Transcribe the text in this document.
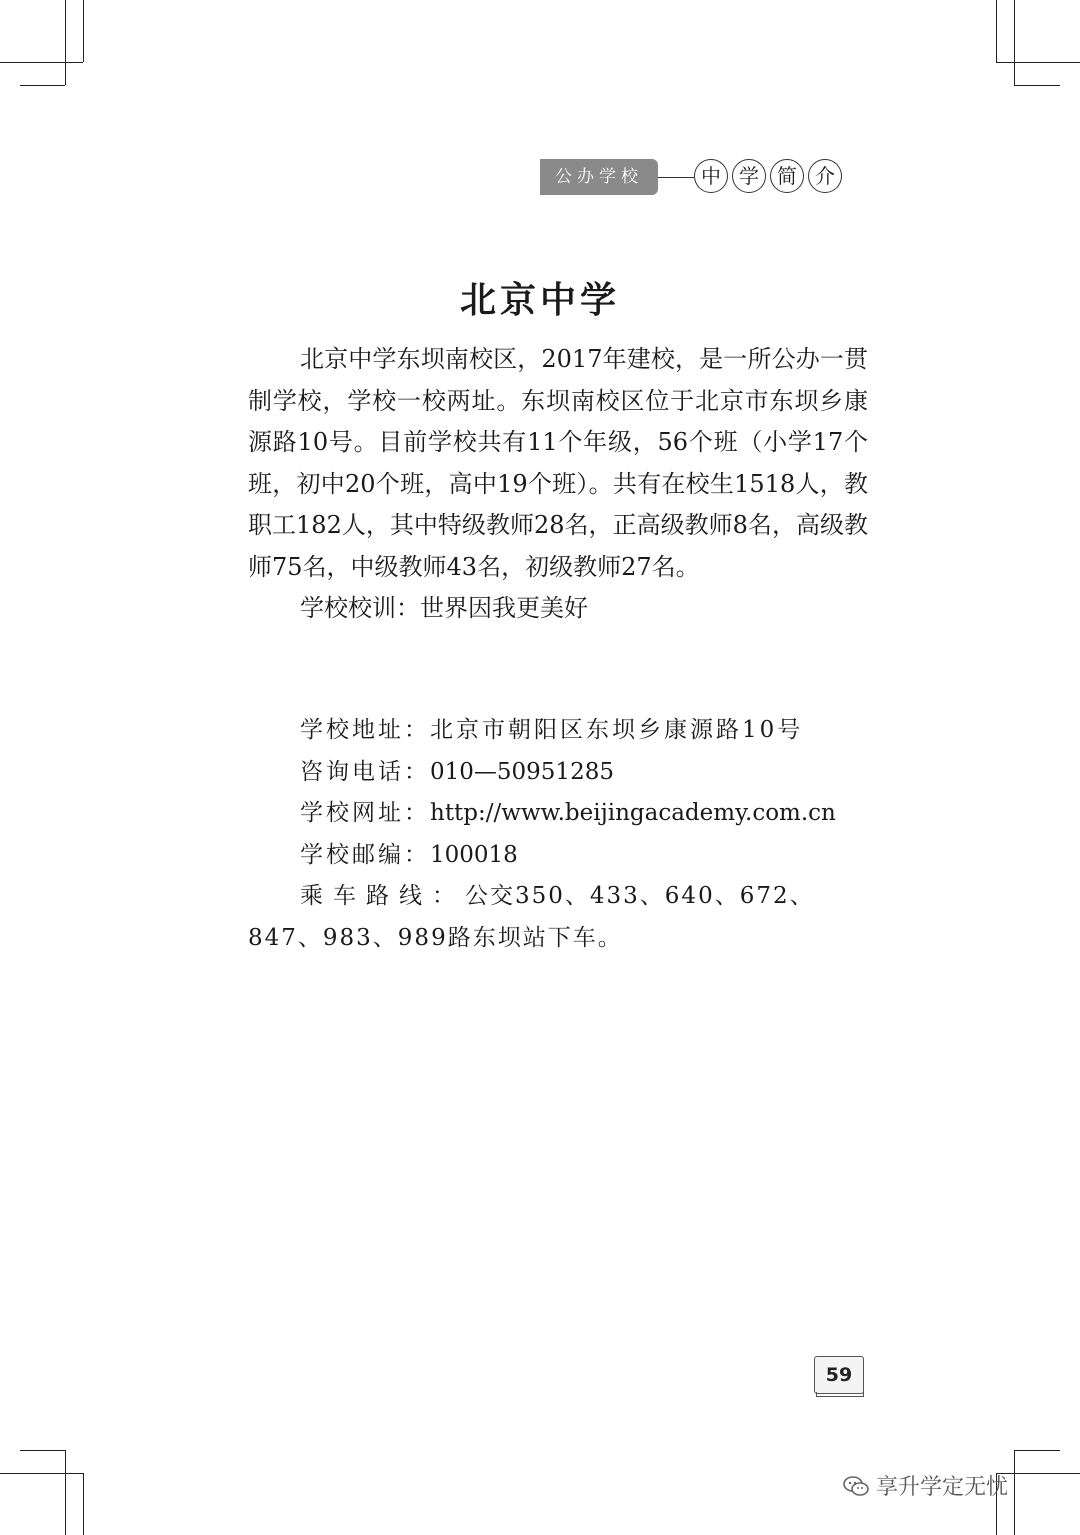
公办学校	中 学 简 介
北京中学

北京中学东坝南校区，2017年建校，是一所公办一贯制学校，学校一校两址。东坝南校区位于北京市东坝乡康源路10号。目前学校共有11个年级，56个班（小学17个班，初中20个班，高中19个班）。共有在校生1518人，教职工182人，其中特级教师28名，正高级教师8名，高级教师75名，中级教师43名，初级教师27名。

学校校训：世界因我更美好

学校地址：北京市朝阳区东坝乡康源路10号

咨询电话：010—50951285

学校网址：http://www.beijingacademy.com.cn

学校邮编：100018

乘车路线：公交350、433、640、672、847、983、989路东坝站下车。

59
享升学定无忧
